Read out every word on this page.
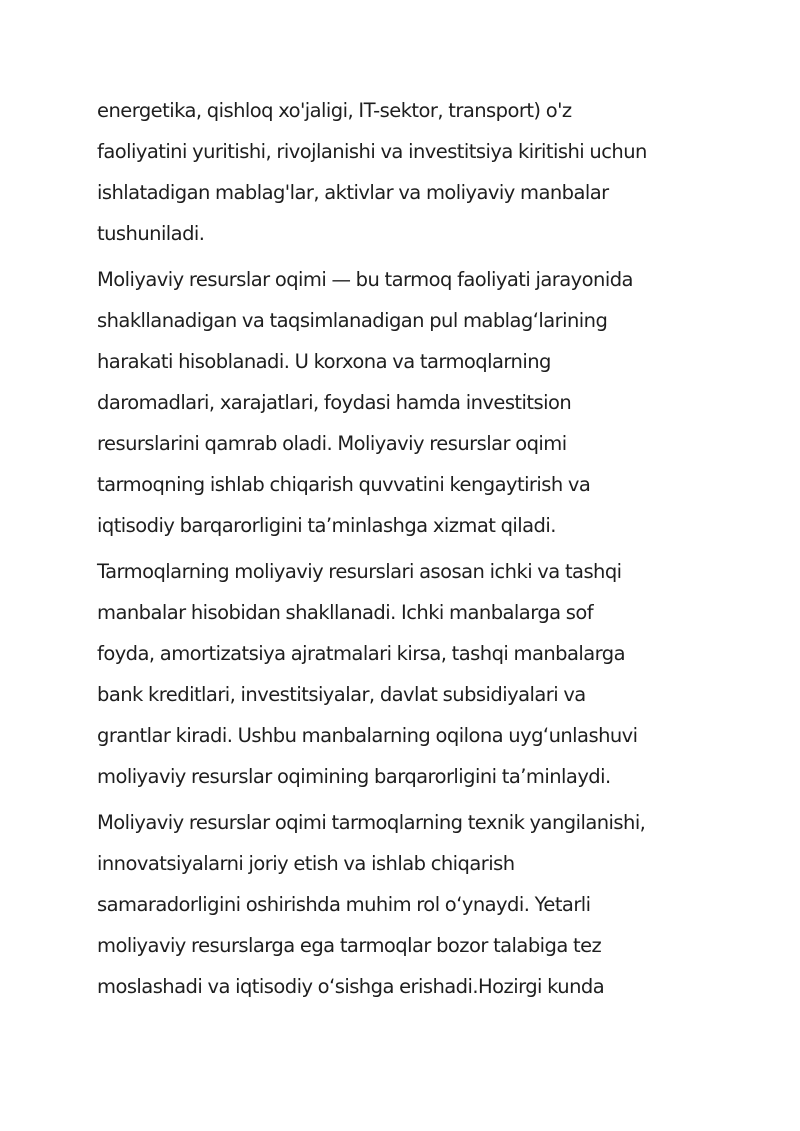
energetika, qishloq xo'jaligi, IT-sektor, transport) o'z
faoliyatini yuritishi, rivojlanishi va investitsiya kiritishi uchun
ishlatadigan mablag'lar, aktivlar va moliyaviy manbalar
tushuniladi.

Moliyaviy resurslar oqimi — bu tarmoq faoliyati jarayonida
shakllanadigan va taqsimlanadigan pul mablag‘larining
harakati hisoblanadi. U korxona va tarmoqlarning
daromadlari, xarajatlari, foydasi hamda investitsion
resurslarini qamrab oladi. Moliyaviy resurslar oqimi
tarmoqning ishlab chiqarish quvvatini kengaytirish va
iqtisodiy barqarorligini ta’minlashga xizmat qiladi.

Tarmoqlarning moliyaviy resurslari asosan ichki va tashqi
manbalar hisobidan shakllanadi. Ichki manbalarga sof
foyda, amortizatsiya ajratmalari kirsa, tashqi manbalarga
bank kreditlari, investitsiyalar, davlat subsidiyalari va
grantlar kiradi. Ushbu manbalarning oqilona uyg‘unlashuvi
moliyaviy resurslar oqimining barqarorligini ta’minlaydi.

Moliyaviy resurslar oqimi tarmoqlarning texnik yangilanishi,
innovatsiyalarni joriy etish va ishlab chiqarish
samaradorligini oshirishda muhim rol o‘ynaydi. Yetarli
moliyaviy resurslarga ega tarmoqlar bozor talabiga tez
moslashadi va iqtisodiy o‘sishga erishadi.Hozirgi kunda
